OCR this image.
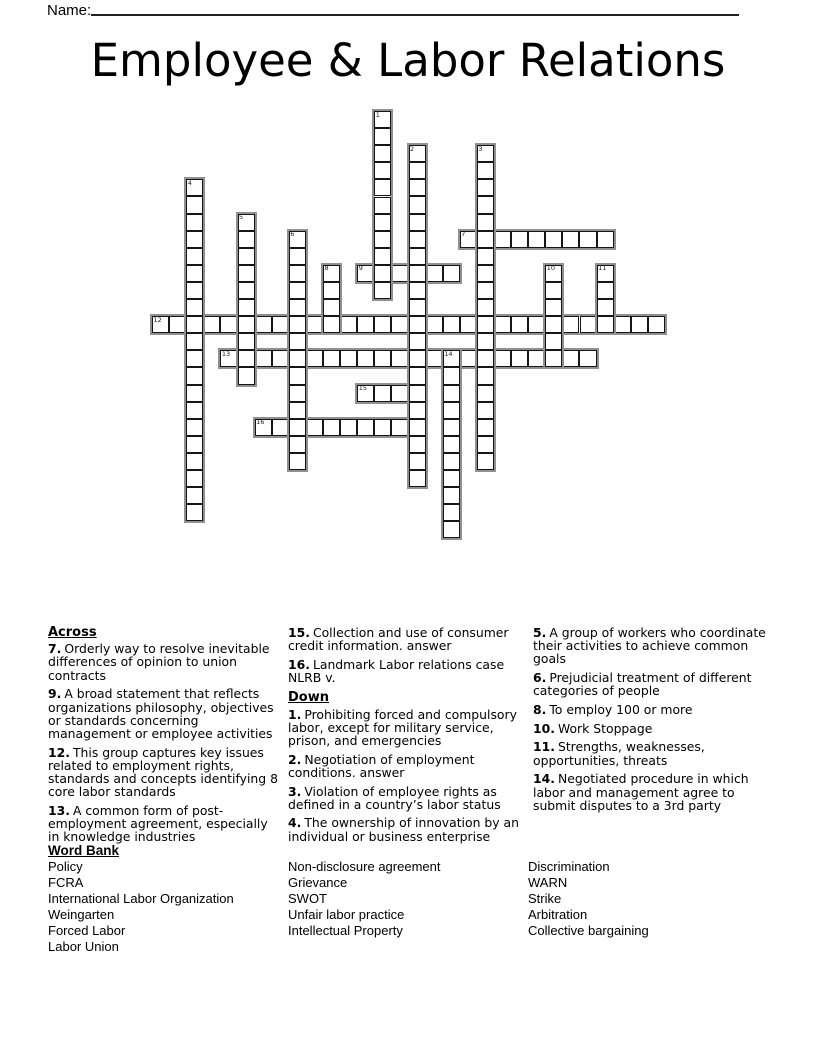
Name:
Employee & Labor Relations
7
9
12
13
15
16
1
2	3
4
5
6
8	10	11
14
Across

7. Orderly way to resolve inevitable differences of opinion to union contracts

9. A broad statement that reflects organizations philosophy, objectives or standards concerning management or employee activities

12. This group captures key issues related to employment rights, standards and concepts identifying 8 core labor standards

13. A common form of post-employment agreement, especially in knowledge industries

15. Collection and use of consumer credit information. answer

16. Landmark Labor relations case NLRB v.

Down

1. Prohibiting forced and compulsory labor, except for military service, prison, and emergencies

2. Negotiation of employment conditions. answer

3. Violation of employee rights as defined in a country’s labor status

4. The ownership of innovation by an individual or business enterprise

5. A group of workers who coordinate their activities to achieve common goals

6. Prejudicial treatment of different categories of people

8. To employ 100 or more

10. Work Stoppage

11. Strengths, weaknesses, opportunities, threats

14. Negotiated procedure in which labor and management agree to submit disputes to a 3rd party

Word Bank
Policy
FCRA
International Labor Organization
Weingarten
Forced Labor
Labor Union
Non-disclosure agreement
Grievance
SWOT
Unfair labor practice
Intellectual Property
Discrimination
WARN
Strike
Arbitration
Collective bargaining
